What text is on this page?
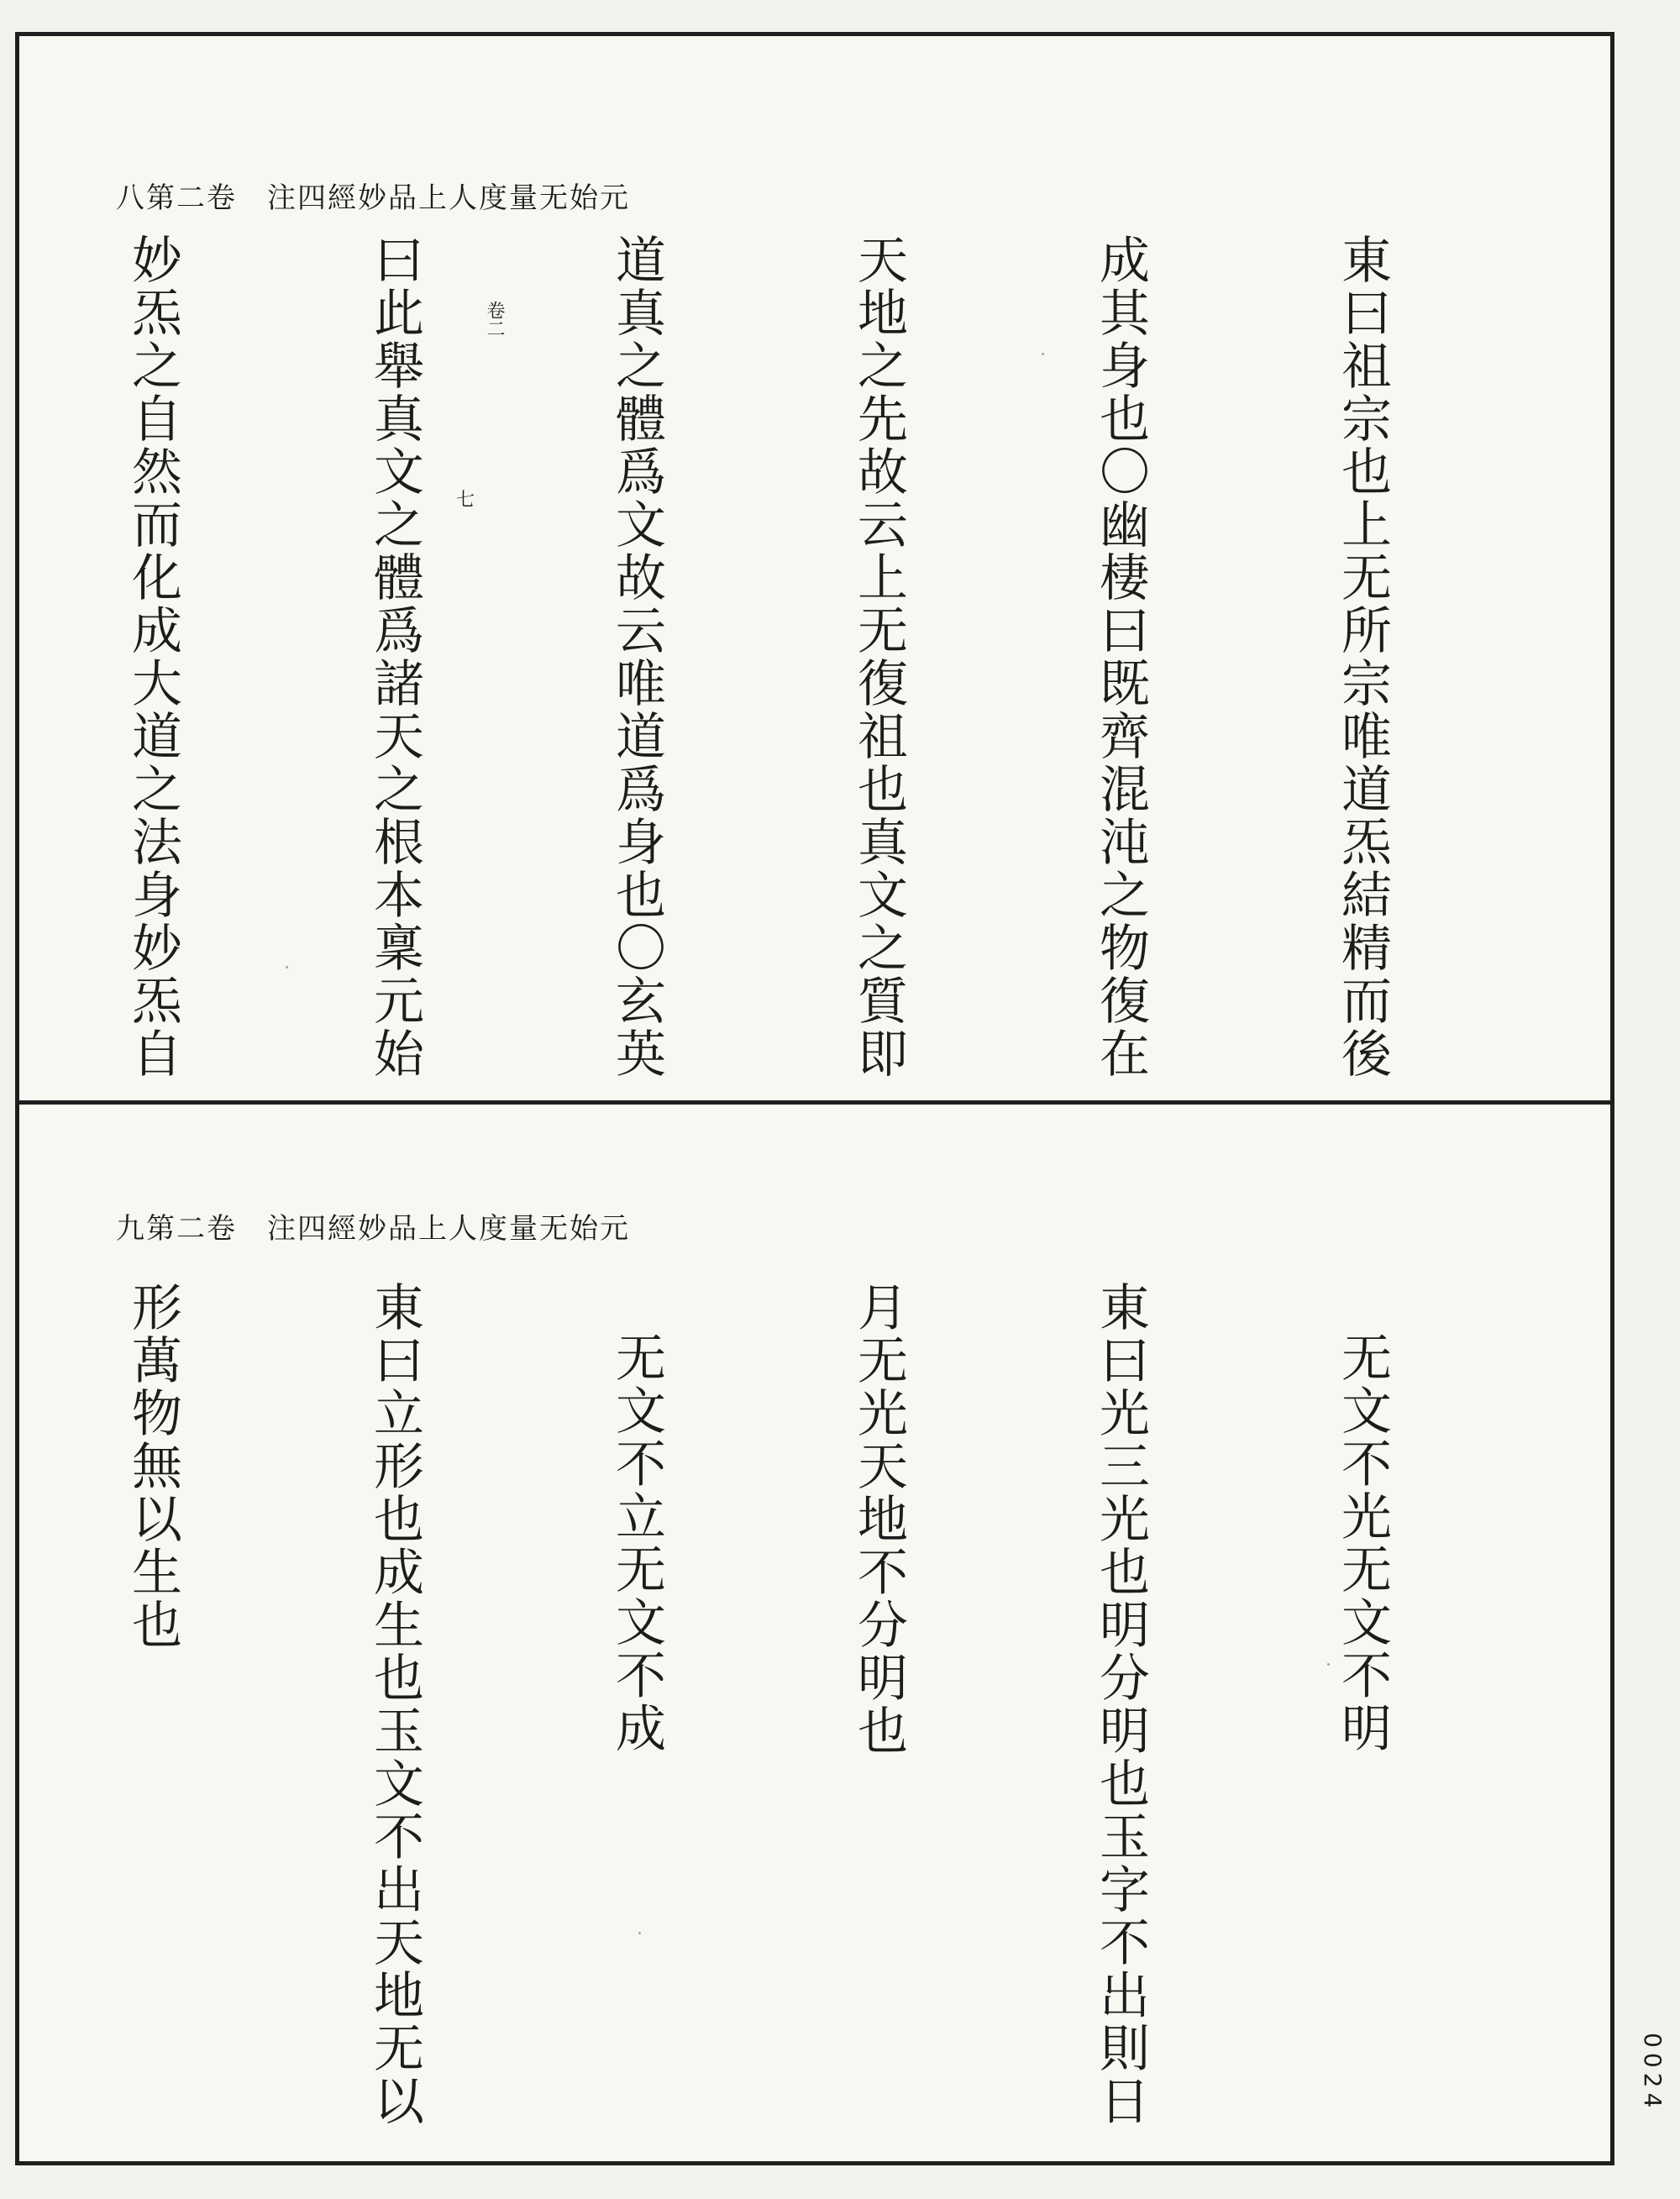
元始无量度人上品妙經四注　卷二第八

東曰祖宗也上无所宗唯道炁結精而後

成其身也〇幽棲曰既齊混沌之物復在

天地之先故云上无復祖也真文之質即

道真之體爲文故云唯道爲身也〇玄英

曰此舉真文之體爲諸天之根本稟元始

妙炁之自然而化成大道之法身妙炁自

	卷二
七
元始无量度人上品妙經四注　卷二第九

无文不光无文不明

東曰光三光也明分明也玉字不出則日

月无光天地不分明也

无文不立无文不成

東曰立形也成生也玉文不出天地无以

形萬物無以生也

0024
